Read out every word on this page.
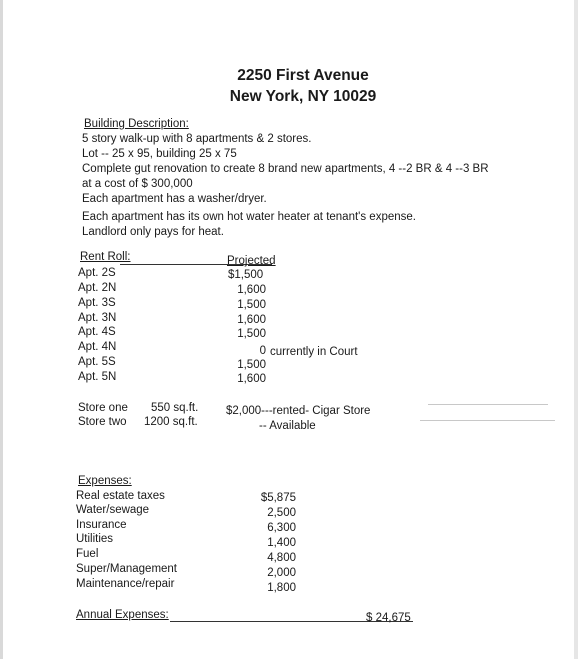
2250 First Avenue
New York, NY 10029
Building Description:
5 story walk-up with 8 apartments & 2 stores.
Lot -- 25 x 95, building 25 x 75
Complete gut renovation to create 8 brand new apartments, 4 --2 BR & 4 --3 BR
at a cost of $ 300,000
Each apartment has a washer/dryer.
Each apartment has its own hot water heater at tenant's expense.
Landlord only pays for heat.
Rent Roll:	Projected
Apt. 2S	$1,500
Apt. 2N	1,600
Apt. 3S	1,500
Apt. 3N	1,600
Apt. 4S	1,500
Apt. 4N	0 currently in Court
Apt. 5S	1,500
Apt. 5N	1,600
Store one 550 sq.ft. $2,000---rented- Cigar Store
Store two 1200 sq.ft.	-- Available
Expenses:
Real estate taxes	$5,875
Water/sewage	2,500
Insurance	6,300
Utilities	1,400
Fuel	4,800
Super/Management	2,000
Maintenance/repair	1,800
Annual Expenses:	$ 24,675
